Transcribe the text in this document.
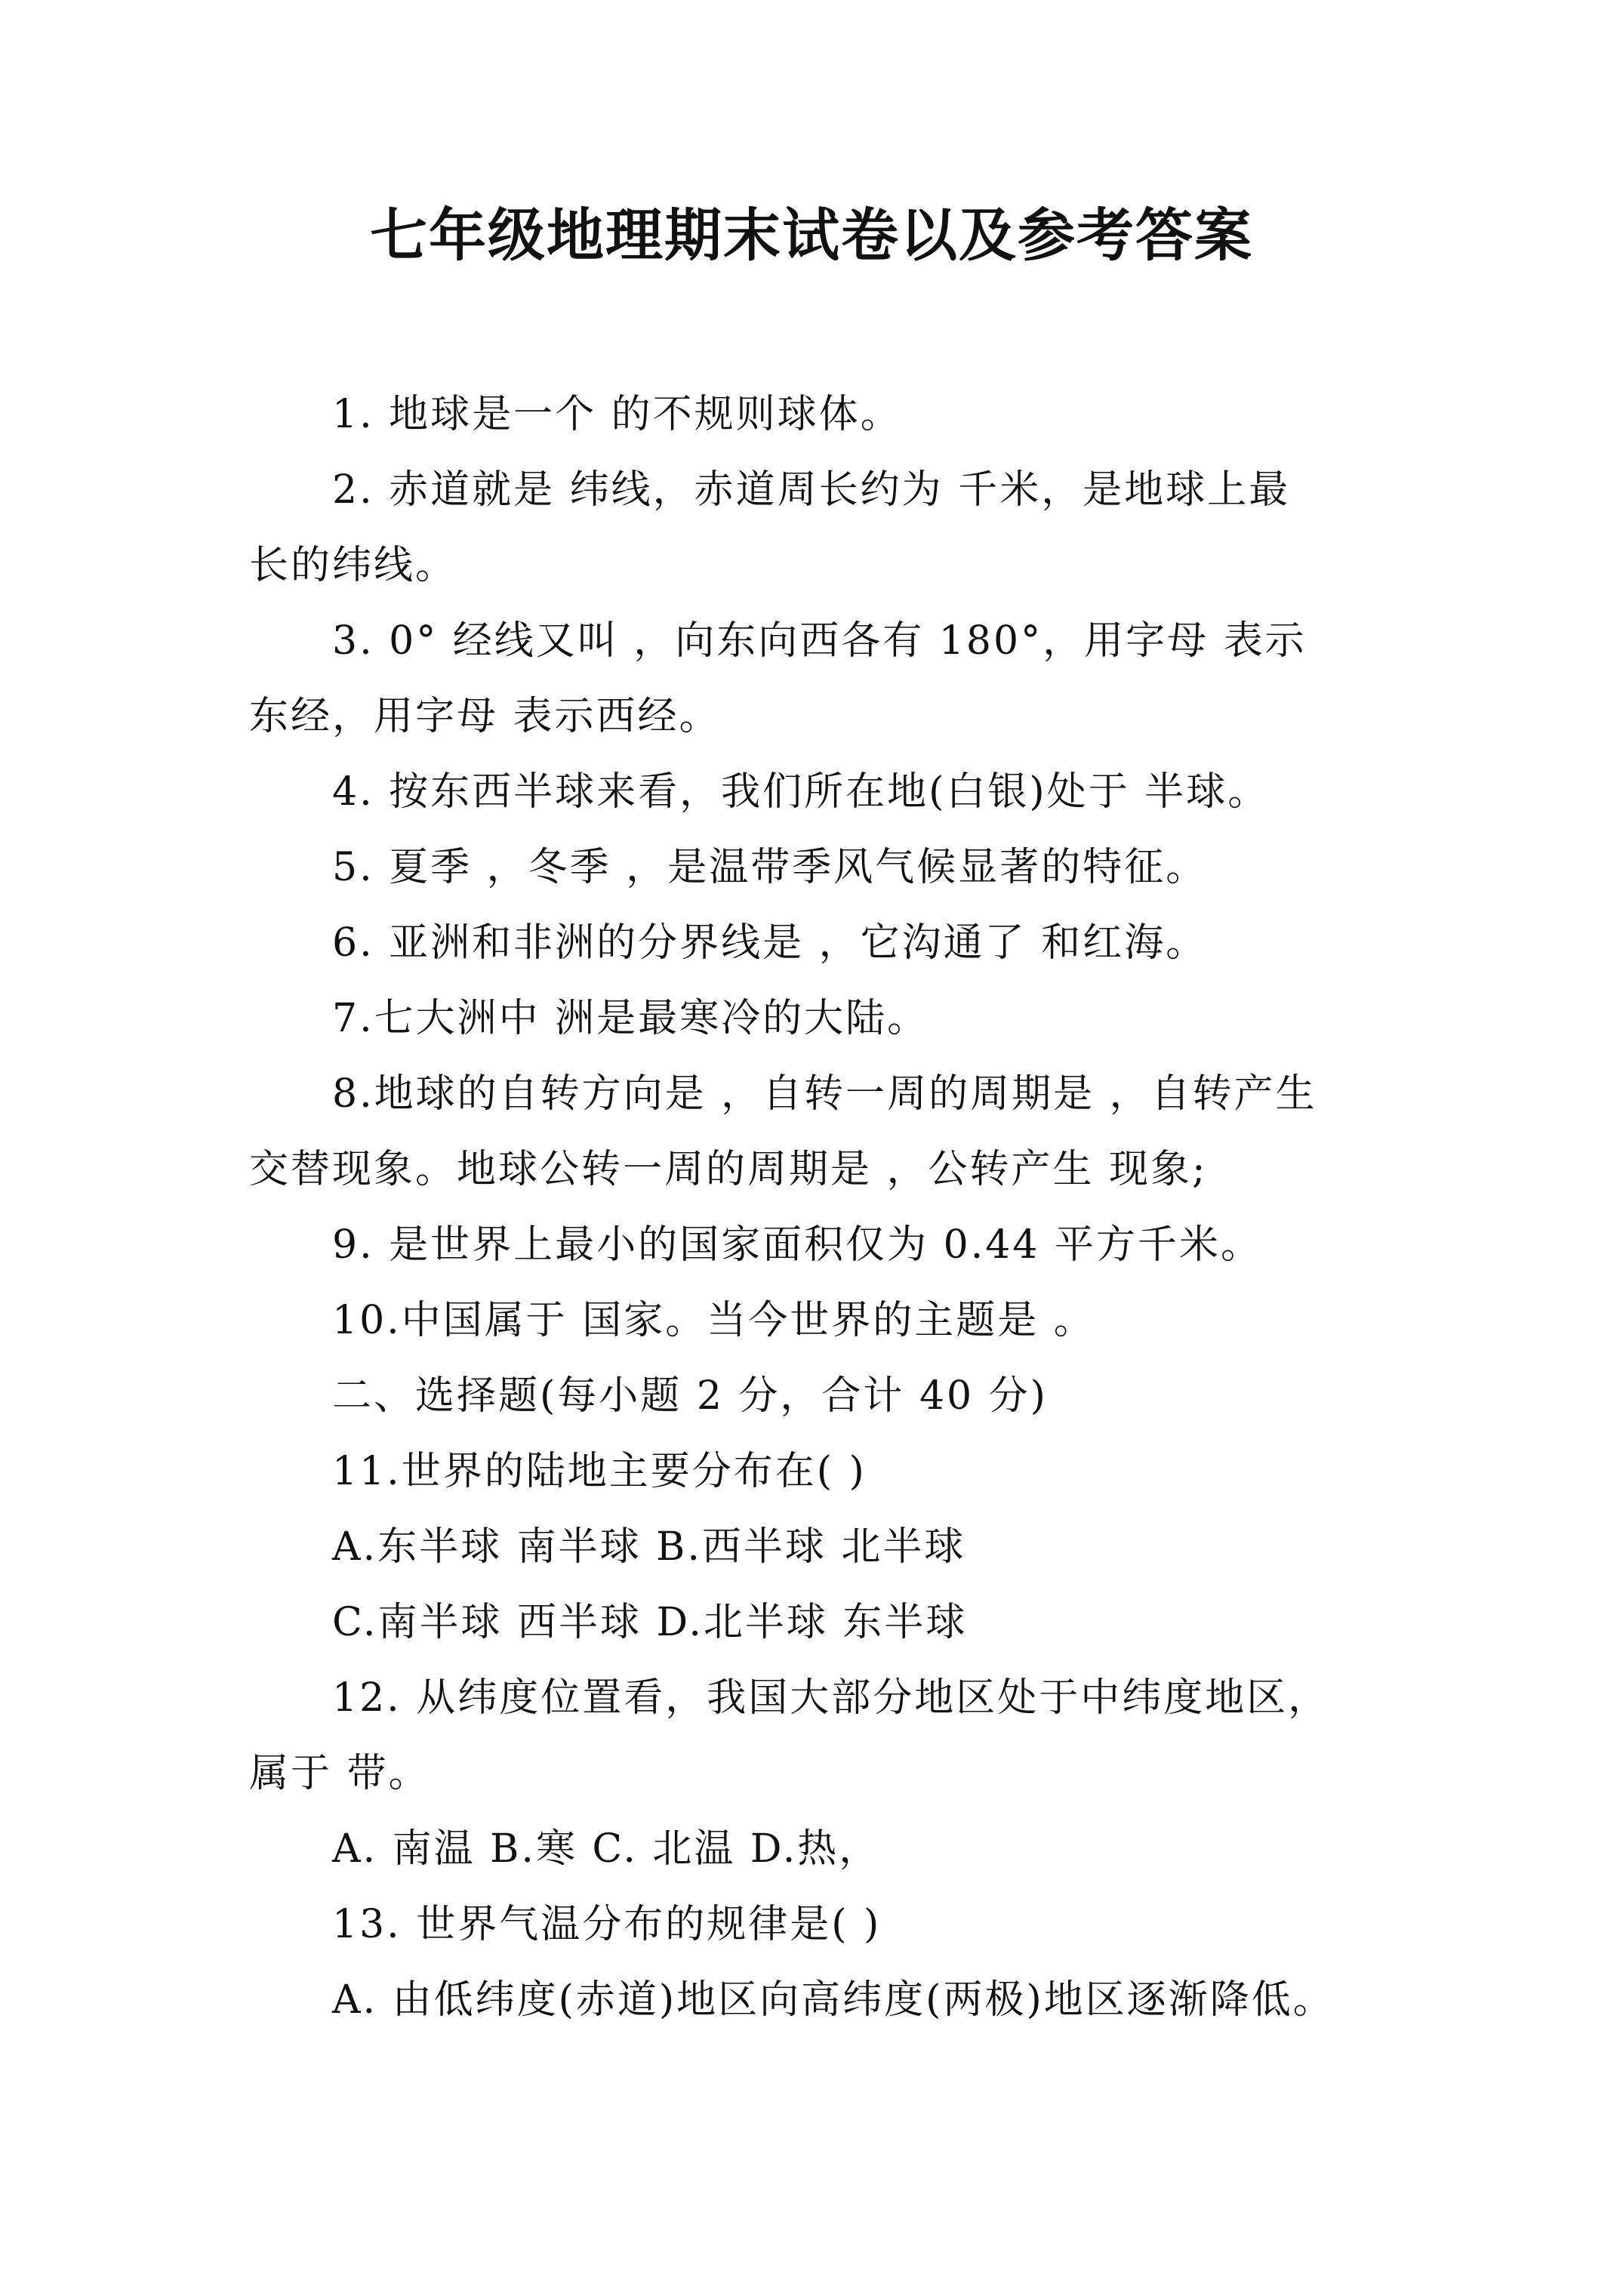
七年级地理期末试卷以及参考答案
1. 地球是一个 的不规则球体。
2. 赤道就是 纬线，赤道周长约为 千米，是地球上最
长的纬线。
3. 0° 经线又叫 ，向东向西各有 180°，用字母 表示
东经，用字母 表示西经。
4. 按东西半球来看，我们所在地(白银)处于 半球。
5. 夏季 ，冬季 ，是温带季风气候显著的特征。
6. 亚洲和非洲的分界线是 ，它沟通了 和红海。
7.七大洲中 洲是最寒冷的大陆。
8.地球的自转方向是 ，自转一周的周期是 ，自转产生
交替现象。地球公转一周的周期是 ，公转产生 现象;
9. 是世界上最小的国家面积仅为 0.44 平方千米。
10.中国属于 国家。当今世界的主题是 。
二、选择题(每小题 2 分，合计 40 分)
11.世界的陆地主要分布在( )
A.东半球 南半球 B.西半球 北半球
C.南半球 西半球 D.北半球 东半球
12. 从纬度位置看，我国大部分地区处于中纬度地区，
属于 带。
A. 南温 B.寒 C. 北温 D.热，
13. 世界气温分布的规律是( )
A. 由低纬度(赤道)地区向高纬度(两极)地区逐渐降低。
